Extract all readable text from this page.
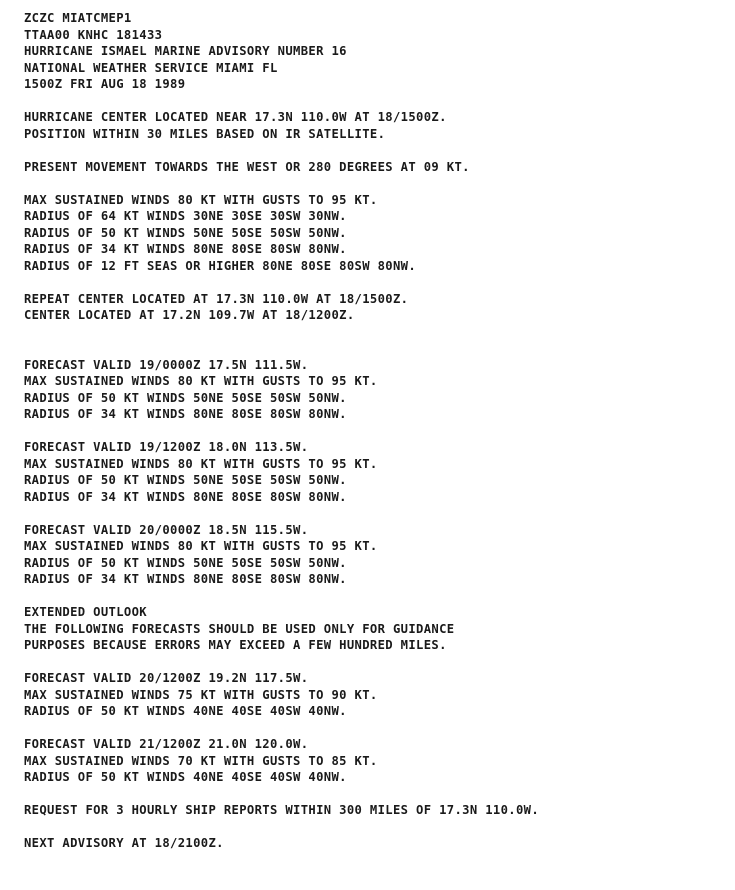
ZCZC MIATCMEP1
TTAA00 KNHC 181433
HURRICANE ISMAEL MARINE ADVISORY NUMBER 16
NATIONAL WEATHER SERVICE MIAMI FL
1500Z FRI AUG 18 1989
HURRICANE CENTER LOCATED NEAR 17.3N 110.0W AT 18/1500Z.
POSITION WITHIN 30 MILES BASED ON IR SATELLITE.
PRESENT MOVEMENT TOWARDS THE WEST OR 280 DEGREES AT 09 KT.
MAX SUSTAINED WINDS 80 KT WITH GUSTS TO 95 KT.
RADIUS OF 64 KT WINDS 30NE 30SE 30SW 30NW.
RADIUS OF 50 KT WINDS 50NE 50SE 50SW 50NW.
RADIUS OF 34 KT WINDS 80NE 80SE 80SW 80NW.
RADIUS OF 12 FT SEAS OR HIGHER 80NE 80SE 80SW 80NW.
REPEAT CENTER LOCATED AT 17.3N 110.0W AT 18/1500Z.
CENTER LOCATED AT 17.2N 109.7W AT 18/1200Z.
FORECAST VALID 19/0000Z 17.5N 111.5W.
MAX SUSTAINED WINDS 80 KT WITH GUSTS TO 95 KT.
RADIUS OF 50 KT WINDS 50NE 50SE 50SW 50NW.
RADIUS OF 34 KT WINDS 80NE 80SE 80SW 80NW.
FORECAST VALID 19/1200Z 18.0N 113.5W.
MAX SUSTAINED WINDS 80 KT WITH GUSTS TO 95 KT.
RADIUS OF 50 KT WINDS 50NE 50SE 50SW 50NW.
RADIUS OF 34 KT WINDS 80NE 80SE 80SW 80NW.
FORECAST VALID 20/0000Z 18.5N 115.5W.
MAX SUSTAINED WINDS 80 KT WITH GUSTS TO 95 KT.
RADIUS OF 50 KT WINDS 50NE 50SE 50SW 50NW.
RADIUS OF 34 KT WINDS 80NE 80SE 80SW 80NW.
EXTENDED OUTLOOK
THE FOLLOWING FORECASTS SHOULD BE USED ONLY FOR GUIDANCE
PURPOSES BECAUSE ERRORS MAY EXCEED A FEW HUNDRED MILES.
FORECAST VALID 20/1200Z 19.2N 117.5W.
MAX SUSTAINED WINDS 75 KT WITH GUSTS TO 90 KT.
RADIUS OF 50 KT WINDS 40NE 40SE 40SW 40NW.
FORECAST VALID 21/1200Z 21.0N 120.0W.
MAX SUSTAINED WINDS 70 KT WITH GUSTS TO 85 KT.
RADIUS OF 50 KT WINDS 40NE 40SE 40SW 40NW.
REQUEST FOR 3 HOURLY SHIP REPORTS WITHIN 300 MILES OF 17.3N 110.0W.
NEXT ADVISORY AT 18/2100Z.
